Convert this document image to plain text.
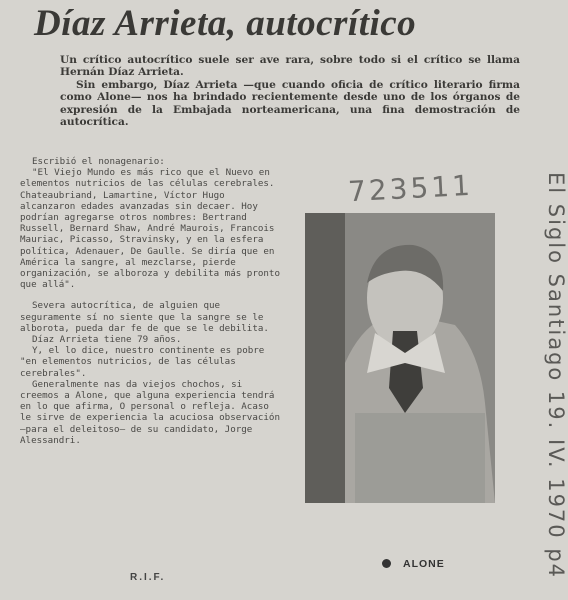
Díaz Arrieta, autocrítico

Un crítico autocrítico suele ser ave rara, sobre todo si el crítico se llama Hernán Díaz Arrieta.

Sin embargo, Díaz Arrieta —que cuando oficia de crítico literario firma como Alone— nos ha brindado recientemente desde uno de los órganos de expresión de la Embajada norteamericana, una fina demostración de autocrítica.

Escribió el nonagenario:

"El Viejo Mundo es más rico que el Nuevo en elementos nutricios de las células cerebrales. Chateaubriand, Lamartine, Víctor Hugo alcanzaron edades avanzadas sin decaer. Hoy podrían agregarse otros nombres: Bertrand Russell, Bernard Shaw, André Maurois, Francois Mauriac, Picasso, Stravinsky, y en la esfera política, Adenauer, De Gaulle. Se diría que en América la sangre, al mezclarse, pierde organización, se alboroza y debilita más pronto que allá".

Severa autocrítica, de alguien que seguramente sí no siente que la sangre se le alborota, pueda dar fe de que se le debilita.

Díaz Arrieta tiene 79 años.

Y, el lo dice, nuestro continente es pobre "en elementos nutricios, de las células cerebrales".

Generalmente nas da viejos chochos, si creemos a Alone, que alguna experiencia tendrá en lo que afirma, O personal o refleja. Acaso le sirve de experiencia la acuciosa observación —para el deleitoso— de su candidato, Jorge Alessandri.

R.I.F.
723511
ALONE	El Siglo Santiago 19. IV. 1970 p4
